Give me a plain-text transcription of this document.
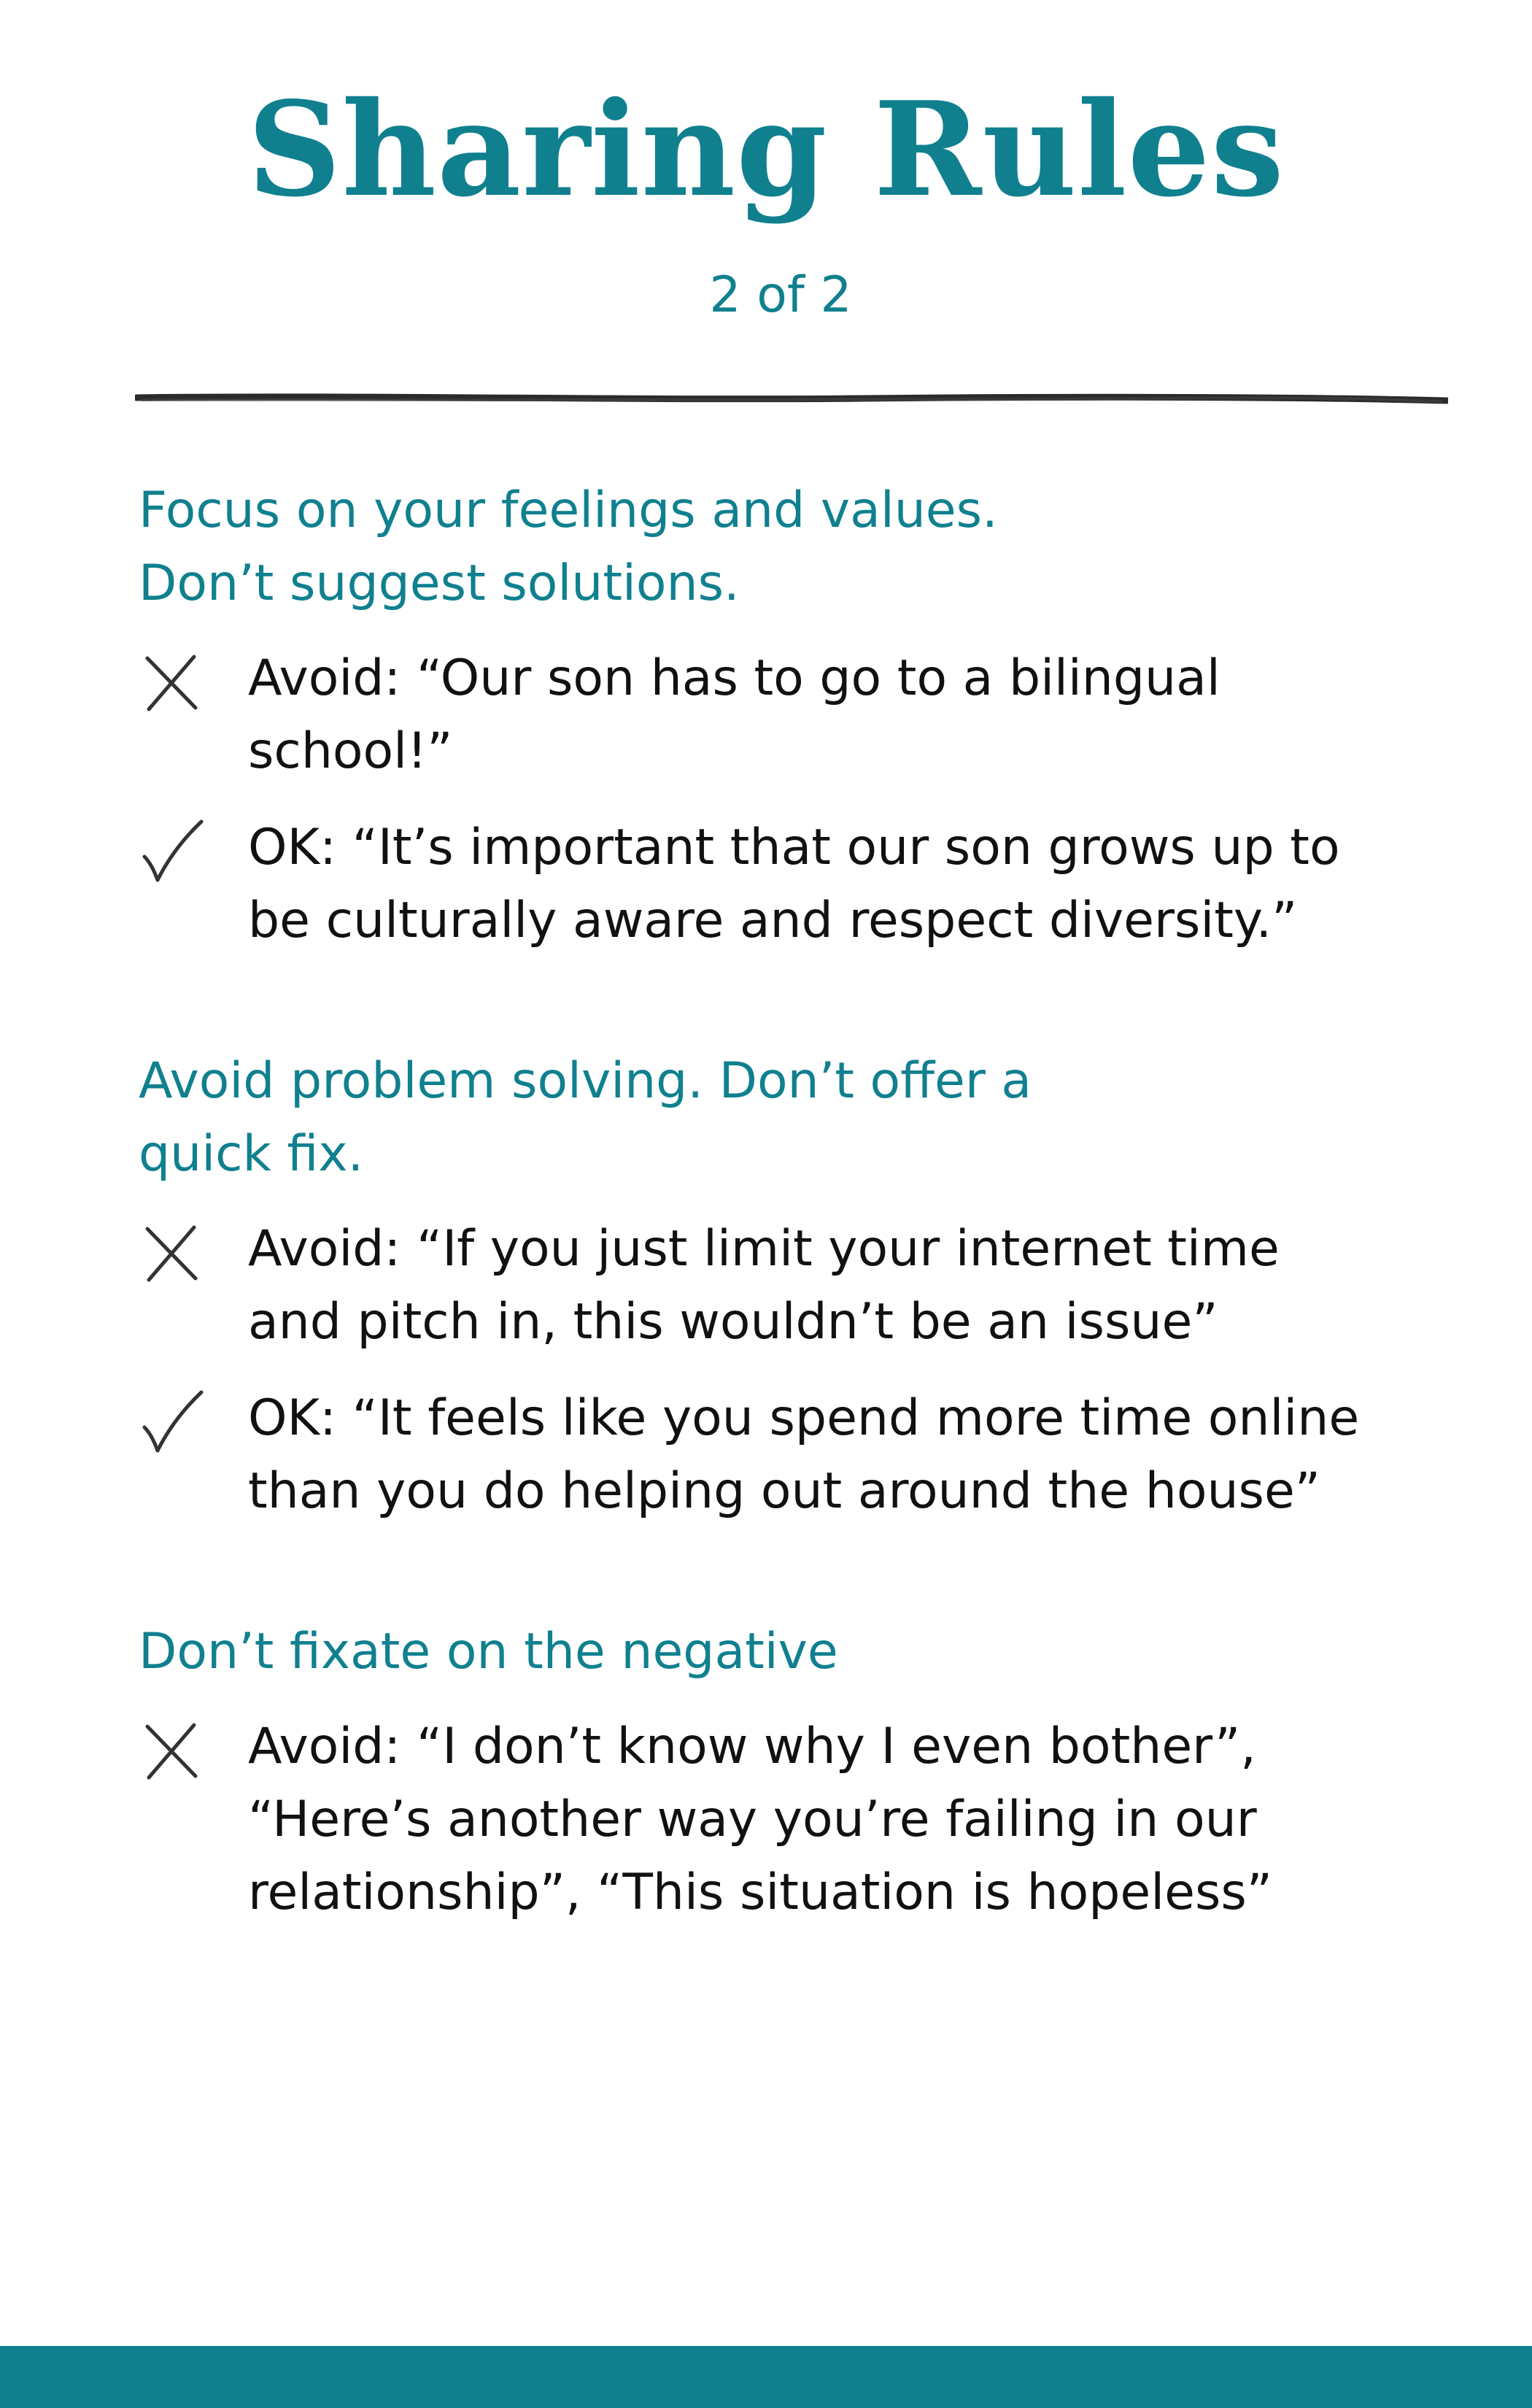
Sharing Rules
2 of 2
Focus on your feelings and values.
Don’t suggest solutions.
Avoid: “Our son has to go to a bilingual school!”
OK: “It’s important that our son grows up to be culturally aware and respect diversity.”
Avoid problem solving. Don’t offer a
quick fix.
Avoid: “If you just limit your internet time and pitch in, this wouldn’t be an issue”
OK: “It feels like you spend more time online than you do helping out around the house”
Don’t fixate on the negative
Avoid: “I don’t know why I even bother”, “Here’s another way you’re failing in our relationship”, “This situation is hopeless”
